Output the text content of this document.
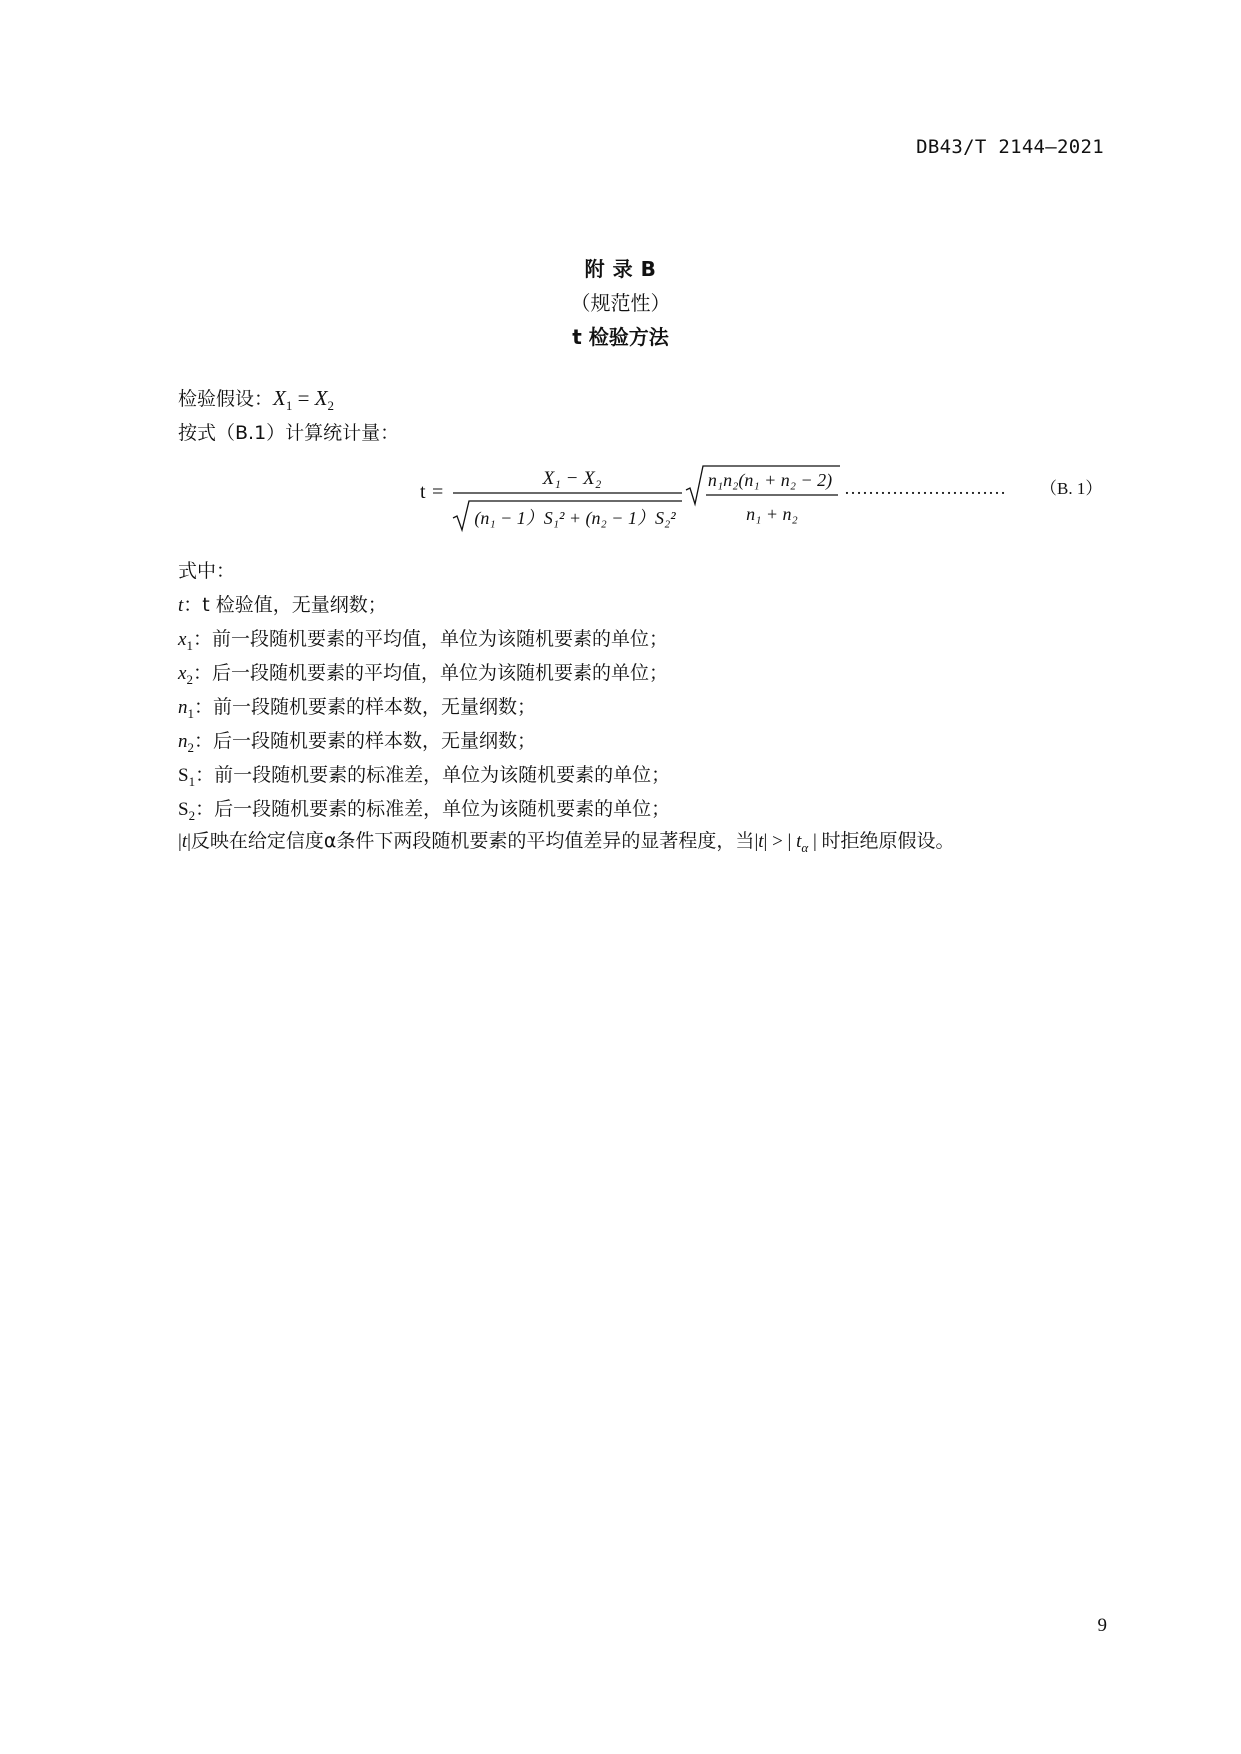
DB43/T 2144—2021
附 录 B
（规范性）
t 检验方法
检验假设：$X_1 = X_2$
按式（B.1）计算统计量：
t =
X₁ − X₂
(n₁ − 1）S₁² + (n₂ − 1）S₂²
n₁n₂(n₁ + n₂ − 2)
n₁ + n₂
……………………… （B. 1）
式中：
t：t 检验值，无量纲数；
$x_1$：前一段随机要素的平均值，单位为该随机要素的单位；
$x_2$：后一段随机要素的平均值，单位为该随机要素的单位；
$n_1$：前一段随机要素的样本数，无量纲数；
$n_2$：后一段随机要素的样本数，无量纲数；
$S_1$：前一段随机要素的标准差，单位为该随机要素的单位；
$S_2$：后一段随机要素的标准差，单位为该随机要素的单位；
|t|反映在给定信度α条件下两段随机要素的平均值差异的显著程度，当|t| > | $t_\alpha$ | 时拒绝原假设。
9
